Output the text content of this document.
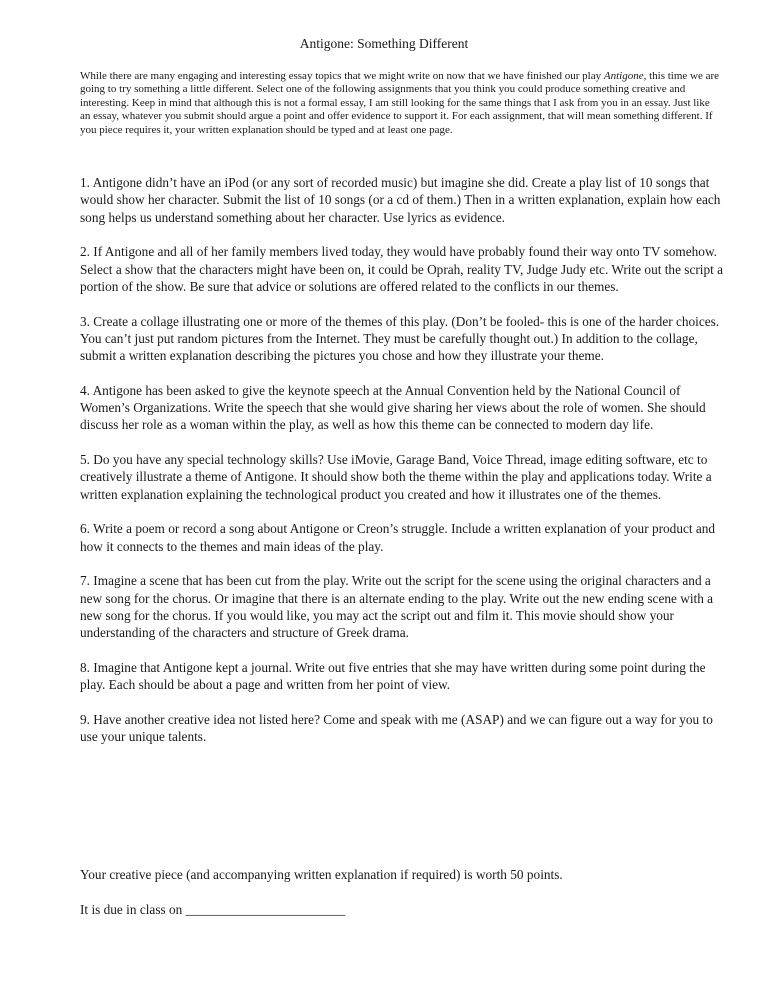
Antigone: Something Different
While there are many engaging and interesting essay topics that we might write on now that we have finished our play Antigone, this time we are going to try something a little different. Select one of the following assignments that you think you could produce something creative and interesting. Keep in mind that although this is not a formal essay, I am still looking for the same things that I ask from you in an essay. Just like an essay, whatever you submit should argue a point and offer evidence to support it. For each assignment, that will mean something different. If you piece requires it, your written explanation should be typed and at least one page.

1. Antigone didn’t have an iPod (or any sort of recorded music) but imagine she did. Create a play list of 10 songs that would show her character. Submit the list of 10 songs (or a cd of them.) Then in a written explanation, explain how each song helps us understand something about her character. Use lyrics as evidence.

2. If Antigone and all of her family members lived today, they would have probably found their way onto TV somehow. Select a show that the characters might have been on, it could be Oprah, reality TV, Judge Judy etc. Write out the script a portion of the show. Be sure that advice or solutions are offered related to the conflicts in our themes.

3. Create a collage illustrating one or more of the themes of this play. (Don’t be fooled- this is one of the harder choices. You can’t just put random pictures from the Internet. They must be carefully thought out.) In addition to the collage, submit a written explanation describing the pictures you chose and how they illustrate your theme.

4. Antigone has been asked to give the keynote speech at the Annual Convention held by the National Council of Women’s Organizations. Write the speech that she would give sharing her views about the role of women. She should discuss her role as a woman within the play, as well as how this theme can be connected to modern day life.

5. Do you have any special technology skills? Use iMovie, Garage Band, Voice Thread, image editing software, etc to creatively illustrate a theme of Antigone. It should show both the theme within the play and applications today. Write a written explanation explaining the technological product you created and how it illustrates one of the themes.

6. Write a poem or record a song about Antigone or Creon’s struggle. Include a written explanation of your product and how it connects to the themes and main ideas of the play.

7. Imagine a scene that has been cut from the play. Write out the script for the scene using the original characters and a new song for the chorus. Or imagine that there is an alternate ending to the play. Write out the new ending scene with a new song for the chorus. If you would like, you may act the script out and film it. This movie should show your understanding of the characters and structure of Greek drama.

8. Imagine that Antigone kept a journal. Write out five entries that she may have written during some point during the play. Each should be about a page and written from her point of view.

9. Have another creative idea not listed here? Come and speak with me (ASAP) and we can figure out a way for you to use your unique talents.

Your creative piece (and accompanying written explanation if required) is worth 50 points.
It is due in class on ________________________
